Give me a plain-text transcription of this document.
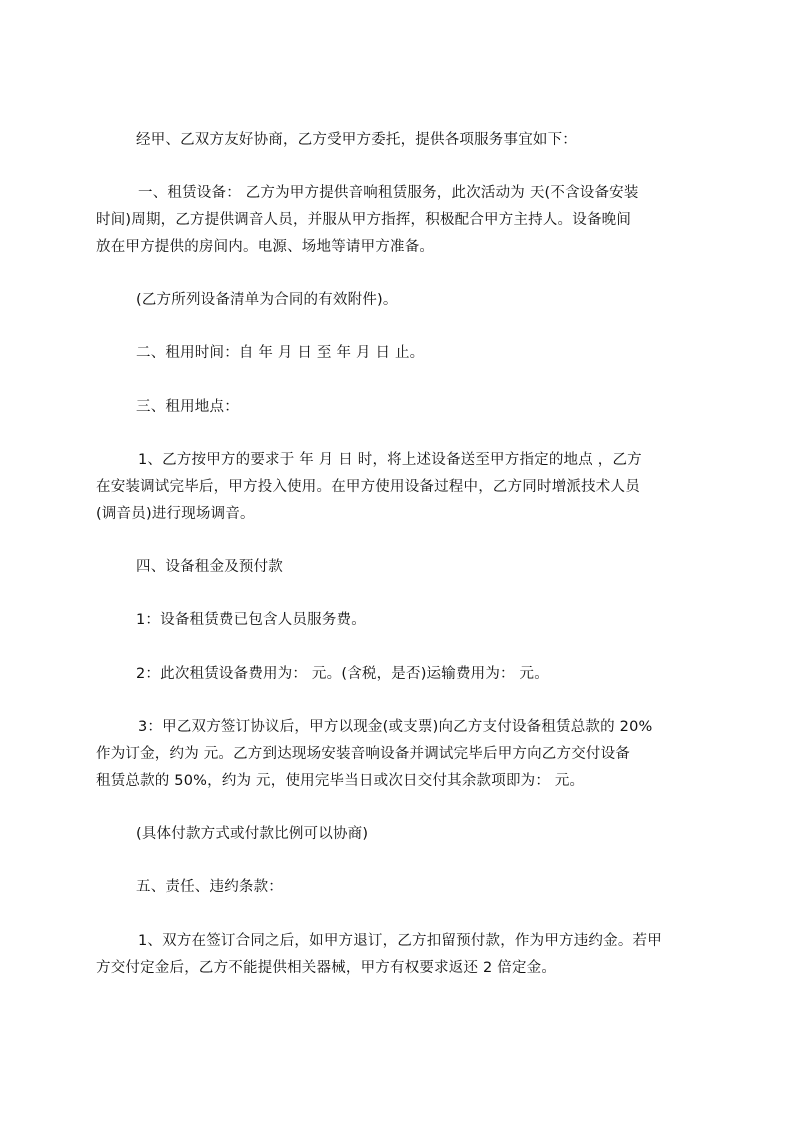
经甲、乙双方友好协商，乙方受甲方委托，提供各项服务事宜如下：

一、租赁设备： 乙方为甲方提供音响租赁服务，此次活动为 天(不含设备安装
时间)周期，乙方提供调音人员，并服从甲方指挥，积极配合甲方主持人。设备晚间
放在甲方提供的房间内。电源、场地等请甲方准备。

(乙方所列设备清单为合同的有效附件)。

二、租用时间：自 年 月 日 至 年 月 日 止。

三、租用地点：

1、乙方按甲方的要求于 年 月 日 时，将上述设备送至甲方指定的地点 ，乙方
在安装调试完毕后，甲方投入使用。在甲方使用设备过程中，乙方同时增派技术人员
(调音员)进行现场调音。

四、设备租金及预付款

1：设备租赁费已包含人员服务费。

2：此次租赁设备费用为： 元。(含税，是否)运输费用为： 元。

3：甲乙双方签订协议后，甲方以现金(或支票)向乙方支付设备租赁总款的 20%
作为订金，约为 元。乙方到达现场安装音响设备并调试完毕后甲方向乙方交付设备
租赁总款的 50%，约为 元，使用完毕当日或次日交付其余款项即为： 元。

(具体付款方式或付款比例可以协商)

五、责任、违约条款：

1、双方在签订合同之后，如甲方退订，乙方扣留预付款，作为甲方违约金。若甲
方交付定金后，乙方不能提供相关器械，甲方有权要求返还 2 倍定金。
